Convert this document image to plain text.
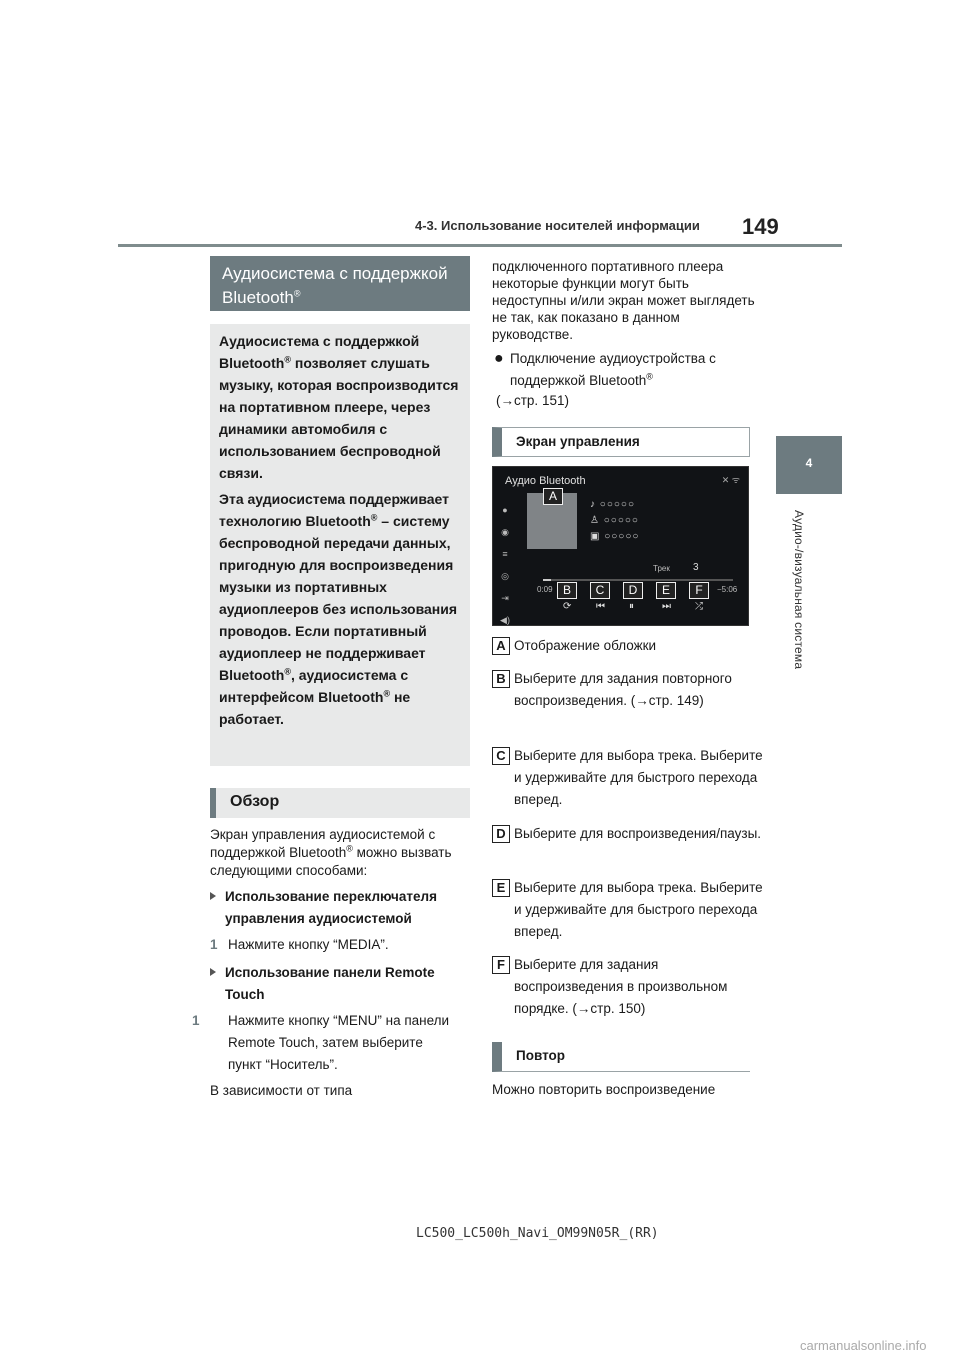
4-3. Использование носителей информации 149
4
Аудио-/визуальная система
Аудиосистема с поддержкой
Bluetooth®

Аудиосистема с поддержкой Bluetooth® позволяет слушать музыку, которая воспроизводится на портативном плеере, через динамики автомобиля с использованием беспроводной связи.

Эта аудиосистема поддерживает технологию Bluetooth® – систему беспроводной передачи данных, пригодную для воспроизведения музыки из портативных аудиоплееров без использования проводов. Если портативный аудиоплеер не поддерживает Bluetooth®, аудиосистема с интерфейсом Bluetooth® не работает.

Обзор
Экран управления аудиосистемой с поддержкой Bluetooth® можно вызвать следующими способами:
Использование переключателя управления аудиосистемой
1 Нажмите кнопку “MEDIA”.
Использование панели Remote Touch
1 Нажмите кнопку “MENU” на панели Remote Touch, затем выберите пункт “Носитель”.
В зависимости от типа
подключенного портативного плеера некоторые функции могут быть недоступны и/или экран может выглядеть не так, как показано в данном руководстве.
● Подключение аудиоустройства с поддержкой Bluetooth®
(→стр. 151)
Экран управления
Аудио Bluetooth	✕ ᯤ
●
◉
≡
◎
⇥
◀)
♪ ○○○○○
♙ ○○○○○
▣ ○○○○○
Трек 3
0:09	−5:06
⟳ ⏮ ⏸	⏭ ⤮
A
B	C	D	E	F
A Отображение обложки
B Выберите для задания повторного воспроизведения. (→стр. 149)
C Выберите для выбора трека. Выберите и удерживайте для быстрого перехода вперед.
D Выберите для воспроизведения/паузы.
E Выберите для выбора трека. Выберите и удерживайте для быстрого перехода вперед.
F Выберите для задания воспроизведения в произвольном порядке. (→стр. 150)
Повтор
Можно повторить воспроизведение
LC500_LC500h_Navi_OM99N05R_(RR)
carmanualsonline.info
